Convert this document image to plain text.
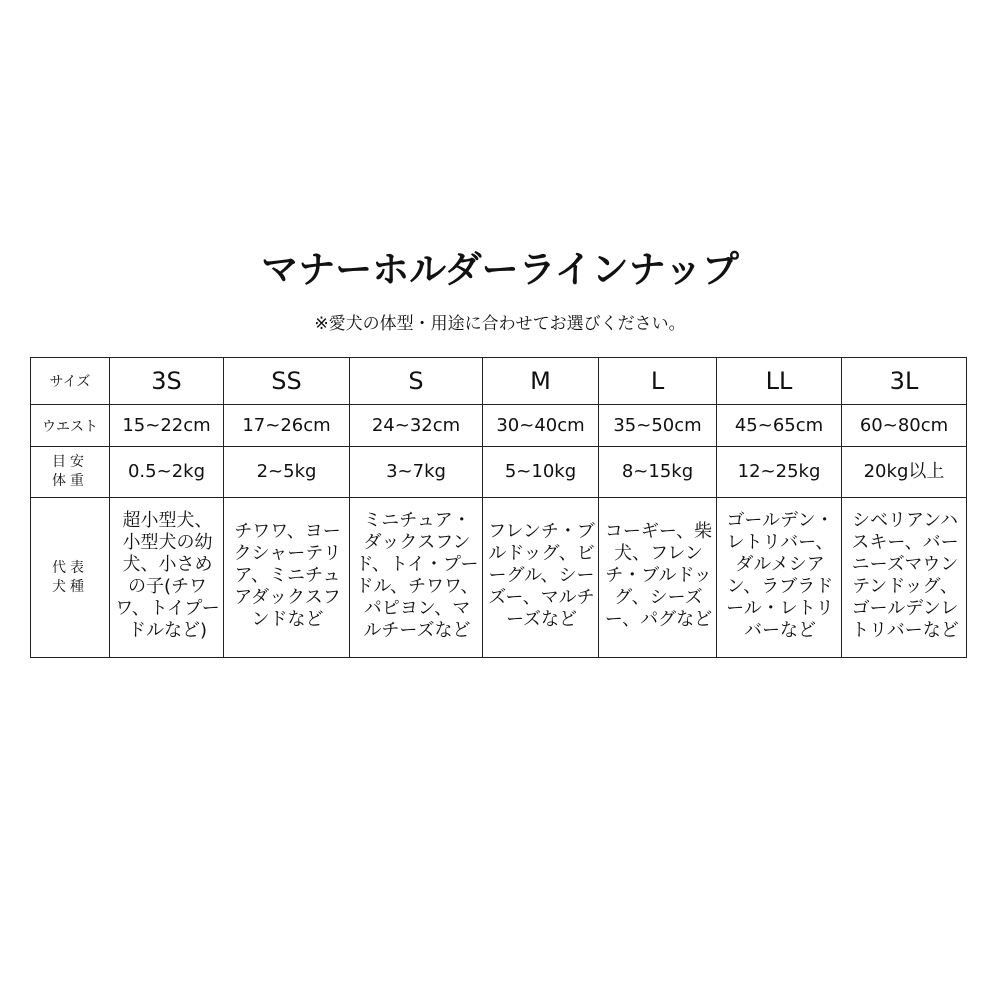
マナーホルダーラインナップ

※愛犬の体型・用途に合わせてお選びください。

サイズ	3S	SS	S	M	L	LL	3L
ウエスト	15~22cm	17~26cm	24~32cm	30~40cm	35~50cm	45~65cm	60~80cm
目安
体重	0.5~2kg	2~5kg	3~7kg	5~10kg	8~15kg	12~25kg	20kg以上
代表
犬種	超小型犬、小型犬の幼犬、小さめの子(チワワ、トイプードルなど)	チワワ、ヨークシャーテリア、ミニチュアダックスフンドなど	ミニチュア・ダックスフンド、トイ・プードル、チワワ、パピヨン、マルチーズなど	フレンチ・ブルドッグ、ビーグル、シーズー、マルチーズなど	コーギー、柴犬、フレンチ・ブルドッグ、シーズー、パグなど	ゴールデン・レトリバー、ダルメシアン、ラブラドール・レトリバーなど	シベリアンハスキー、バーニーズマウンテンドッグ、ゴールデンレトリバーなど
